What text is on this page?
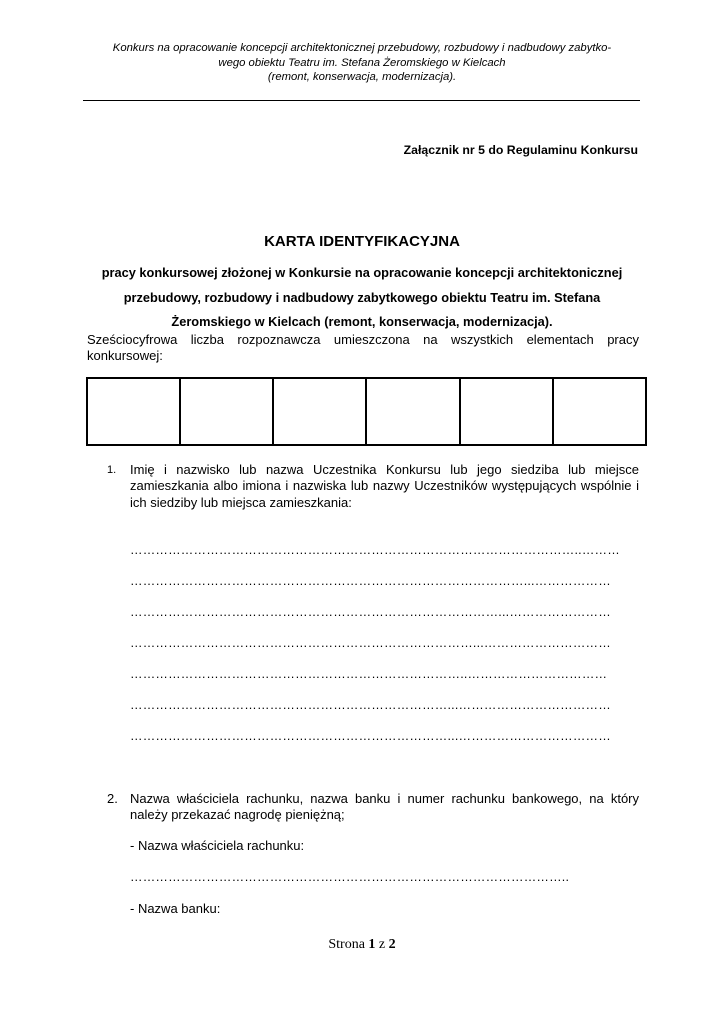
Konkurs na opracowanie koncepcji architektonicznej przebudowy, rozbudowy i nadbudowy zabytko-
wego obiektu Teatru im. Stefana Żeromskiego w Kielcach
(remont, konserwacja, modernizacja).
Załącznik nr 5 do Regulaminu Konkursu
KARTA IDENTYFIKACYJNA
pracy konkursowej złożonej w Konkursie na opracowanie koncepcji architektonicznej
przebudowy, rozbudowy i nadbudowy zabytkowego obiektu Teatru im. Stefana
Żeromskiego w Kielcach (remont, konserwacja, modernizacja).
Sześciocyfrowa liczba rozpoznawcza umieszczona na wszystkich elementach pracy konkursowej:

1. Imię i nazwisko lub nazwa Uczestnika Konkursu lub jego siedziba lub miejsce zamieszkania albo imiona i nazwiska lub nazwy Uczestników występujących wspólnie i ich siedziby lub miejsca zamieszkania:
……………………………………………………………………………………………..………
…………………………………………………………………………………...………………
……………………………………………………………………………...……………………
………………………………………………………………………...…………………………
……………………………………………………………………..……………………………
…………………………………………………………………...………………………………
…………………………………………………………………...………………………………
2. Nazwa właściciela rachunku, nazwa banku i numer rachunku bankowego, na który należy przekazać nagrodę pieniężną;
- Nazwa właściciela rachunku:
…………………………………………………………………………………………..
- Nazwa banku:
Strona 1 z 2
